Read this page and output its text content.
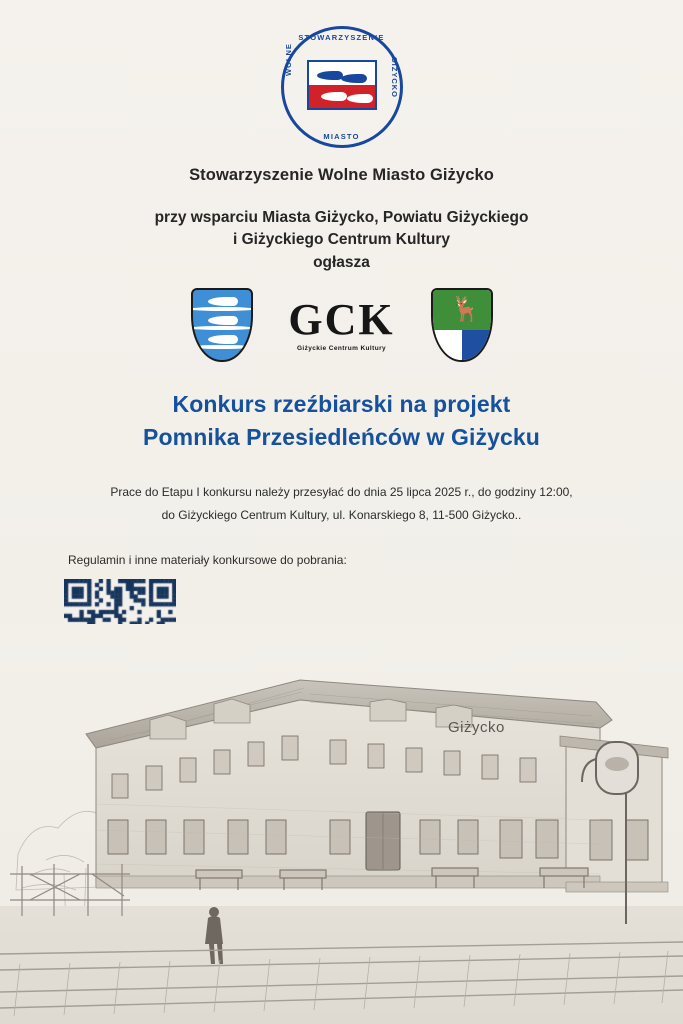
STOWARZYSZENIE
WOLNE
MIASTO
GIŻYCKO
Stowarzyszenie Wolne Miasto Giżycko
przy wsparciu Miasta Giżycko, Powiatu Giżyckiego
i Giżyckiego Centrum Kultury
ogłasza
GCK
Giżyckie Centrum Kultury
🦌
Konkurs rzeźbiarski na projekt
Pomnika Przesiedleńców w Giżycku
Prace do Etapu I konkursu należy przesyłać do dnia 25 lipca 2025 r., do godziny 12:00,
do Giżyckiego Centrum Kultury, ul. Konarskiego 8, 11-500 Giżycko..
Regulamin i inne materiały konkursowe do pobrania:
Giżycko
